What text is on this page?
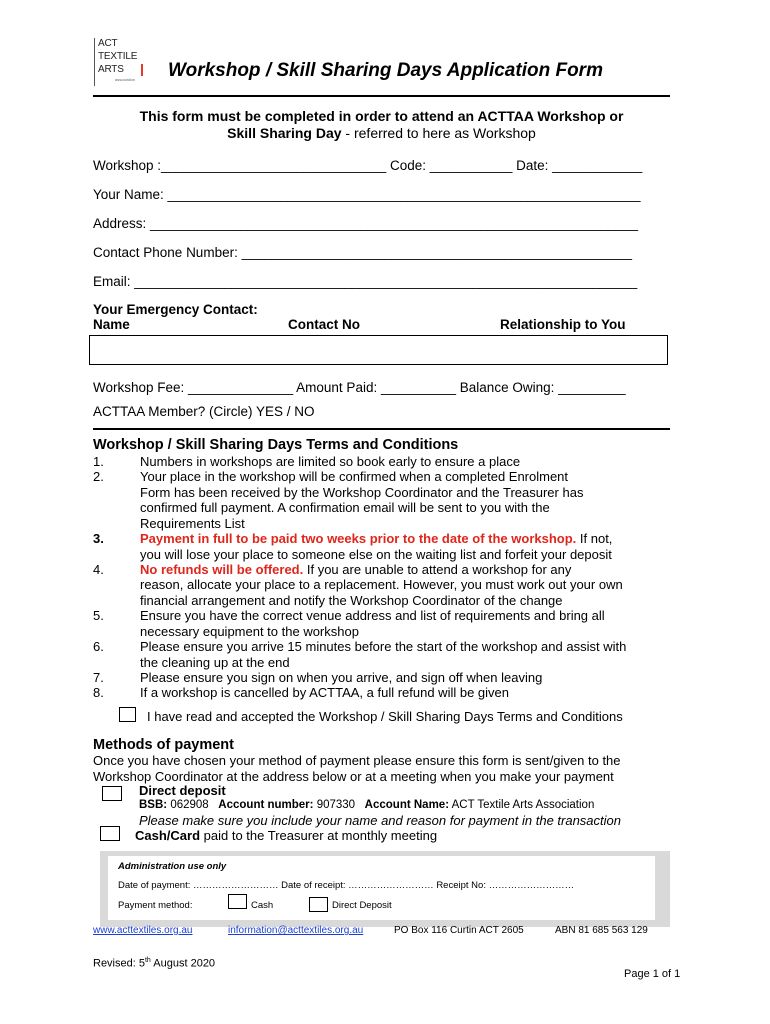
ACT
TEXTILE
ARTS
association Workshop / Skill Sharing Days Application Form
This form must be completed in order to attend an ACTTAA Workshop or
Skill Sharing Day - referred to here as Workshop
Workshop :______________________________ Code: ___________ Date: ____________
Your Name: _______________________________________________________________
Address: _________________________________________________________________
Contact Phone Number: ____________________________________________________
Email: ___________________________________________________________________
Your Emergency Contact:
Name	Contact No	Relationship to You
Workshop Fee: ______________ Amount Paid: __________ Balance Owing: _________
ACTTAA Member? (Circle) YES / NO
Workshop / Skill Sharing Days Terms and Conditions
1.	Numbers in workshops are limited so book early to ensure a place
2.	Your place in the workshop will be confirmed when a completed Enrolment
Form has been received by the Workshop Coordinator and the Treasurer has
confirmed full payment. A confirmation email will be sent to you with the
Requirements List
3.	Payment in full to be paid two weeks prior to the date of the workshop. If not,
you will lose your place to someone else on the waiting list and forfeit your deposit
4.	No refunds will be offered. If you are unable to attend a workshop for any
reason, allocate your place to a replacement. However, you must work out your own
financial arrangement and notify the Workshop Coordinator of the change
5.	Ensure you have the correct venue address and list of requirements and bring all
necessary equipment to the workshop
6.	Please ensure you arrive 15 minutes before the start of the workshop and assist with
the cleaning up at the end
7.	Please ensure you sign on when you arrive, and sign off when leaving
8.	If a workshop is cancelled by ACTTAA, a full refund will be given
I have read and accepted the Workshop / Skill Sharing Days Terms and Conditions
Methods of payment
Once you have chosen your method of payment please ensure this form is sent/given to the
Workshop Coordinator at the address below or at a meeting when you make your payment
Direct deposit
BSB: 062908 Account number: 907330 Account Name: ACT Textile Arts Association
Please make sure you include your name and reason for payment in the transaction
Cash/Card paid to the Treasurer at monthly meeting
Administration use only
Date of payment: ……………………… Date of receipt: ……………………… Receipt No: ………………………
Payment method:	Cash	Direct Deposit
www.acttextiles.org.au	information@acttextiles.org.au	PO Box 116 Curtin ACT 2605	ABN 81 685 563 129
Revised: 5th August 2020
Page 1 of 1
